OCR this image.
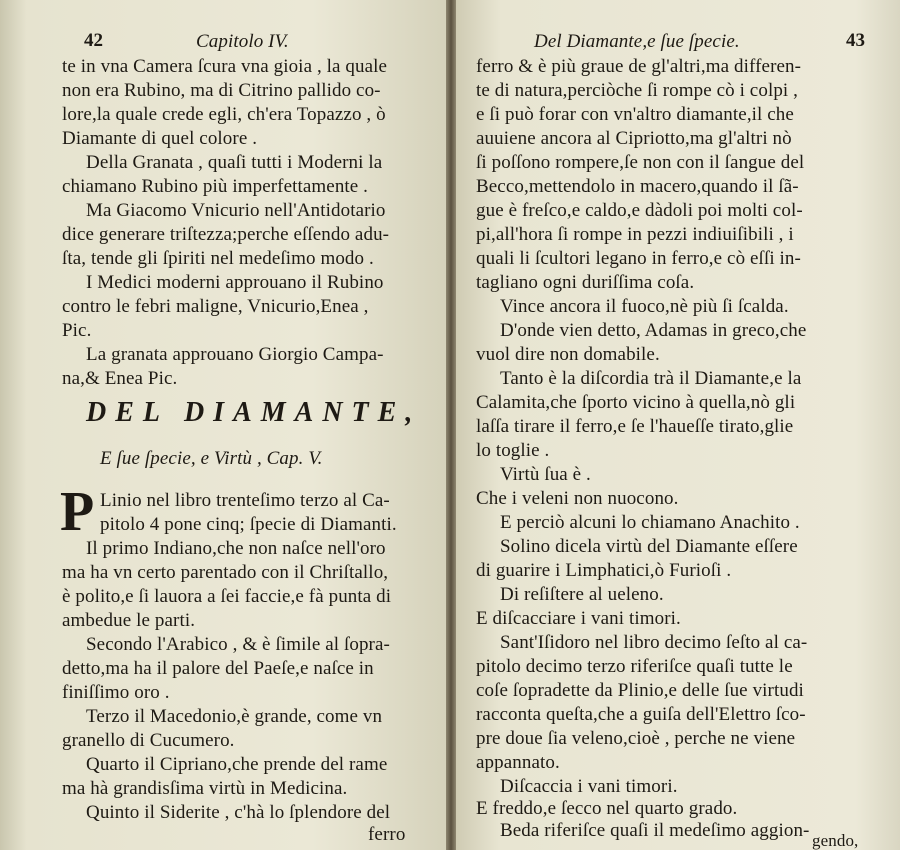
42	Capitolo IV.
te in vna Camera ſcura vna gioia , la quale
non era Rubino, ma di Citrino pallido co-
lore,la quale crede egli, ch'era Topazzo , ò
Diamante di quel colore .
Della Granata , quaſi tutti i Moderni la
chiamano Rubino più imperfettamente .
Ma Giacomo Vnicurio nell'Antidotario
dice generare triſtezza;perche eſſendo adu-
ſta, tende gli ſpiriti nel medeſimo modo .
I Medici moderni approuano il Rubino
contro le febri maligne, Vnicurio,Enea ,
Pic.
La granata approuano Giorgio Campa-
na,& Enea Pic.
DEL DIAMANTE,
E ſue ſpecie, e Virtù , Cap. V.
P Linio nel libro trenteſimo terzo al Ca-
pitolo 4 pone cinq; ſpecie di Diamanti.
Il primo Indiano,che non naſce nell'oro
ma ha vn certo parentado con il Chriſtallo,
è polito,e ſi lauora a ſei faccie,e fà punta di
ambedue le parti.
Secondo l'Arabico , & è ſimile al ſopra-
detto,ma ha il palore del Paeſe,e naſce in
finiſſimo oro .
Terzo il Macedonio,è grande, come vn
granello di Cucumero.
Quarto il Cipriano,che prende del rame
ma hà grandisſima virtù in Medicina.
Quinto il Siderite , c'hà lo ſplendore del
ferro
Del Diamante,e ſue ſpecie.	43
ferro & è più graue de gl'altri,ma differen-
te di natura,perciòche ſi rompe cò i colpi ,
e ſi può forar con vn'altro diamante,il che
auuiene ancora al Cipriotto,ma gl'altri nò
ſi poſſono rompere,ſe non con il ſangue del
Becco,mettendolo in macero,quando il ſã-
gue è freſco,e caldo,e dàdoli poi molti col-
pi,all'hora ſi rompe in pezzi indiuiſibili , i
quali li ſcultori legano in ferro,e cò eſſi in-
tagliano ogni duriſſima coſa.
Vince ancora il fuoco,nè più ſi ſcalda.
D'onde vien detto, Adamas in greco,che
vuol dire non domabile.
Tanto è la diſcordia trà il Diamante,e la
Calamita,che ſporto vicino à quella,nò gli
laſſa tirare il ferro,e ſe l'haueſſe tirato,glie
lo toglie .
Virtù ſua è .
Che i veleni non nuocono.
E perciò alcuni lo chiamano Anachito .
Solino dicela virtù del Diamante eſſere
di guarire i Limphatici,ò Furioſi .
Di reſiſtere al ueleno.
E diſcacciare i vani timori.
Sant'Iſidoro nel libro decimo ſeſto al ca-
pitolo decimo terzo riferiſce quaſi tutte le
coſe ſopradette da Plinio,e delle ſue virtudi
racconta queſta,che a guiſa dell'Elettro ſco-
pre doue ſia veleno,cioè , perche ne viene
appannato.
Diſcaccia i vani timori.
E freddo,e ſecco nel quarto grado.
Beda riferiſce quaſi il medeſimo aggion- gendo,
